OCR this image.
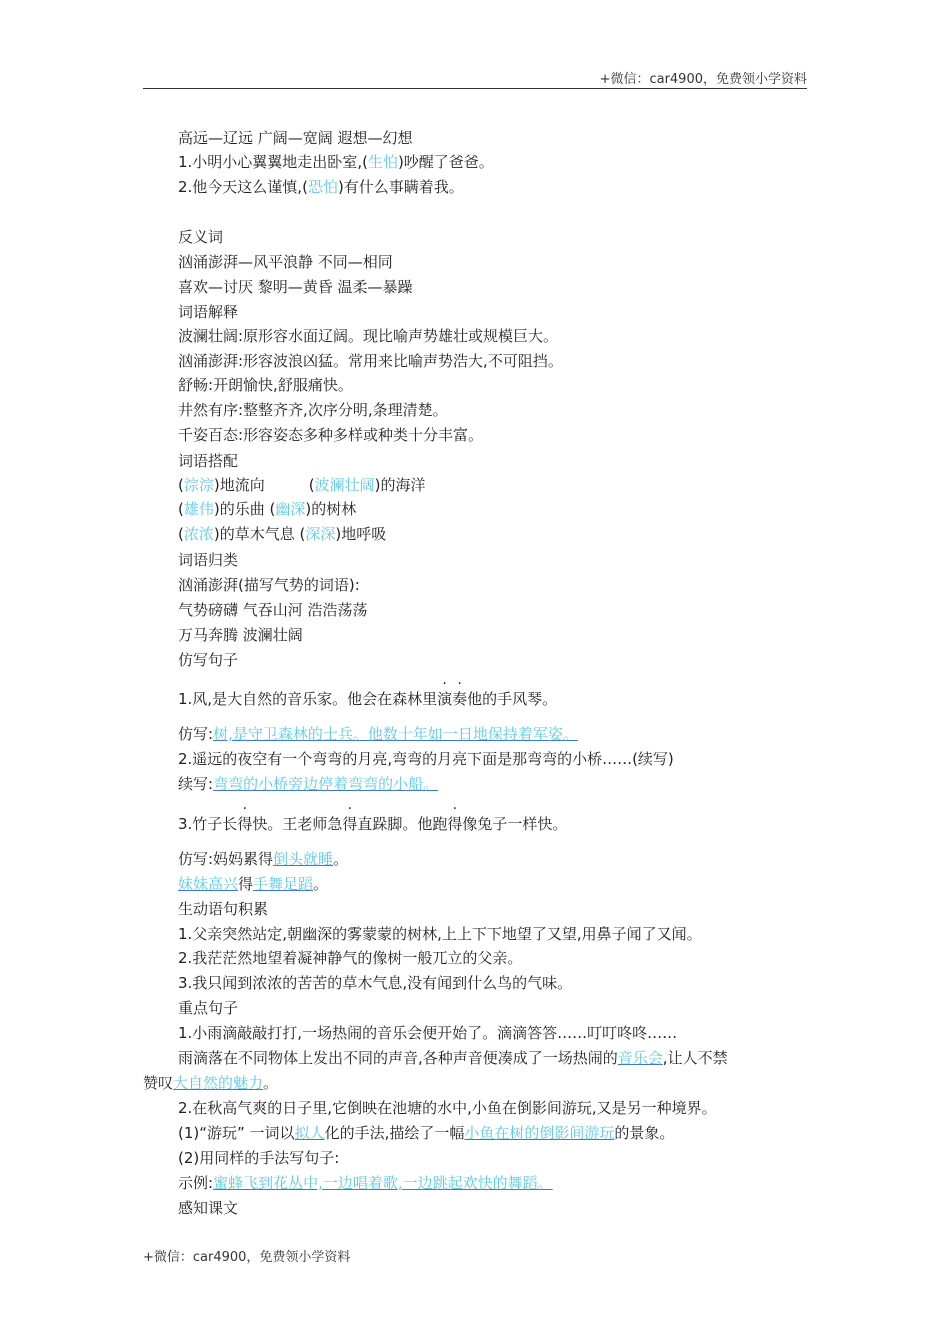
+微信：car4900，免费领小学资料
高远—辽远 广阔—宽阔 遐想—幻想
1.小明小心翼翼地走出卧室,(生怕)吵醒了爸爸。
2.他今天这么谨慎,(恐怕)有什么事瞒着我。
反义词
汹涌澎湃—风平浪静 不同—相同
喜欢—讨厌 黎明—黄昏 温柔—暴躁
词语解释
波澜壮阔:原形容水面辽阔。现比喻声势雄壮或规模巨大。
汹涌澎湃:形容波浪凶猛。常用来比喻声势浩大,不可阻挡。
舒畅:开朗愉快,舒服痛快。
井然有序:整整齐齐,次序分明,条理清楚。
千姿百态:形容姿态多种多样或种类十分丰富。
词语搭配
(淙淙)地流向	(波澜壮阔)的海洋
(雄伟)的乐曲 (幽深)的树林
(浓浓)的草木气息 (深深)地呼吸
词语归类
汹涌澎湃(描写气势的词语):
气势磅礴 气吞山河 浩浩荡荡
万马奔腾 波澜壮阔
仿写句子
1.风,是大自然的音乐家。他会在森林里演奏他的手风琴。
仿写:树,是守卫森林的士兵。他数十年如一日地保持着军姿。
2.遥远的夜空有一个弯弯的月亮,弯弯的月亮下面是那弯弯的小桥……(续写)
续写:弯弯的小桥旁边停着弯弯的小船。
3.竹子长得快。王老师急得直跺脚。他跑得像兔子一样快。
仿写:妈妈累得倒头就睡。
妹妹高兴得手舞足蹈。
生动语句积累
1.父亲突然站定,朝幽深的雾蒙蒙的树林,上上下下地望了又望,用鼻子闻了又闻。
2.我茫茫然地望着凝神静气的像树一般兀立的父亲。
3.我只闻到浓浓的苦苦的草木气息,没有闻到什么鸟的气味。
重点句子
1.小雨滴敲敲打打,一场热闹的音乐会便开始了。滴滴答答……叮叮咚咚……
雨滴落在不同物体上发出不同的声音,各种声音便凑成了一场热闹的音乐会,让人不禁
赞叹大自然的魅力。
2.在秋高气爽的日子里,它倒映在池塘的水中,小鱼在倒影间游玩,又是另一种境界。
(1)“游玩” 一词以拟人化的手法,描绘了一幅小鱼在树的倒影间游玩的景象。
(2)用同样的手法写句子:
示例:蜜蜂飞到花丛中,一边唱着歌,一边跳起欢快的舞蹈。
感知课文
+微信：car4900，免费领小学资料
